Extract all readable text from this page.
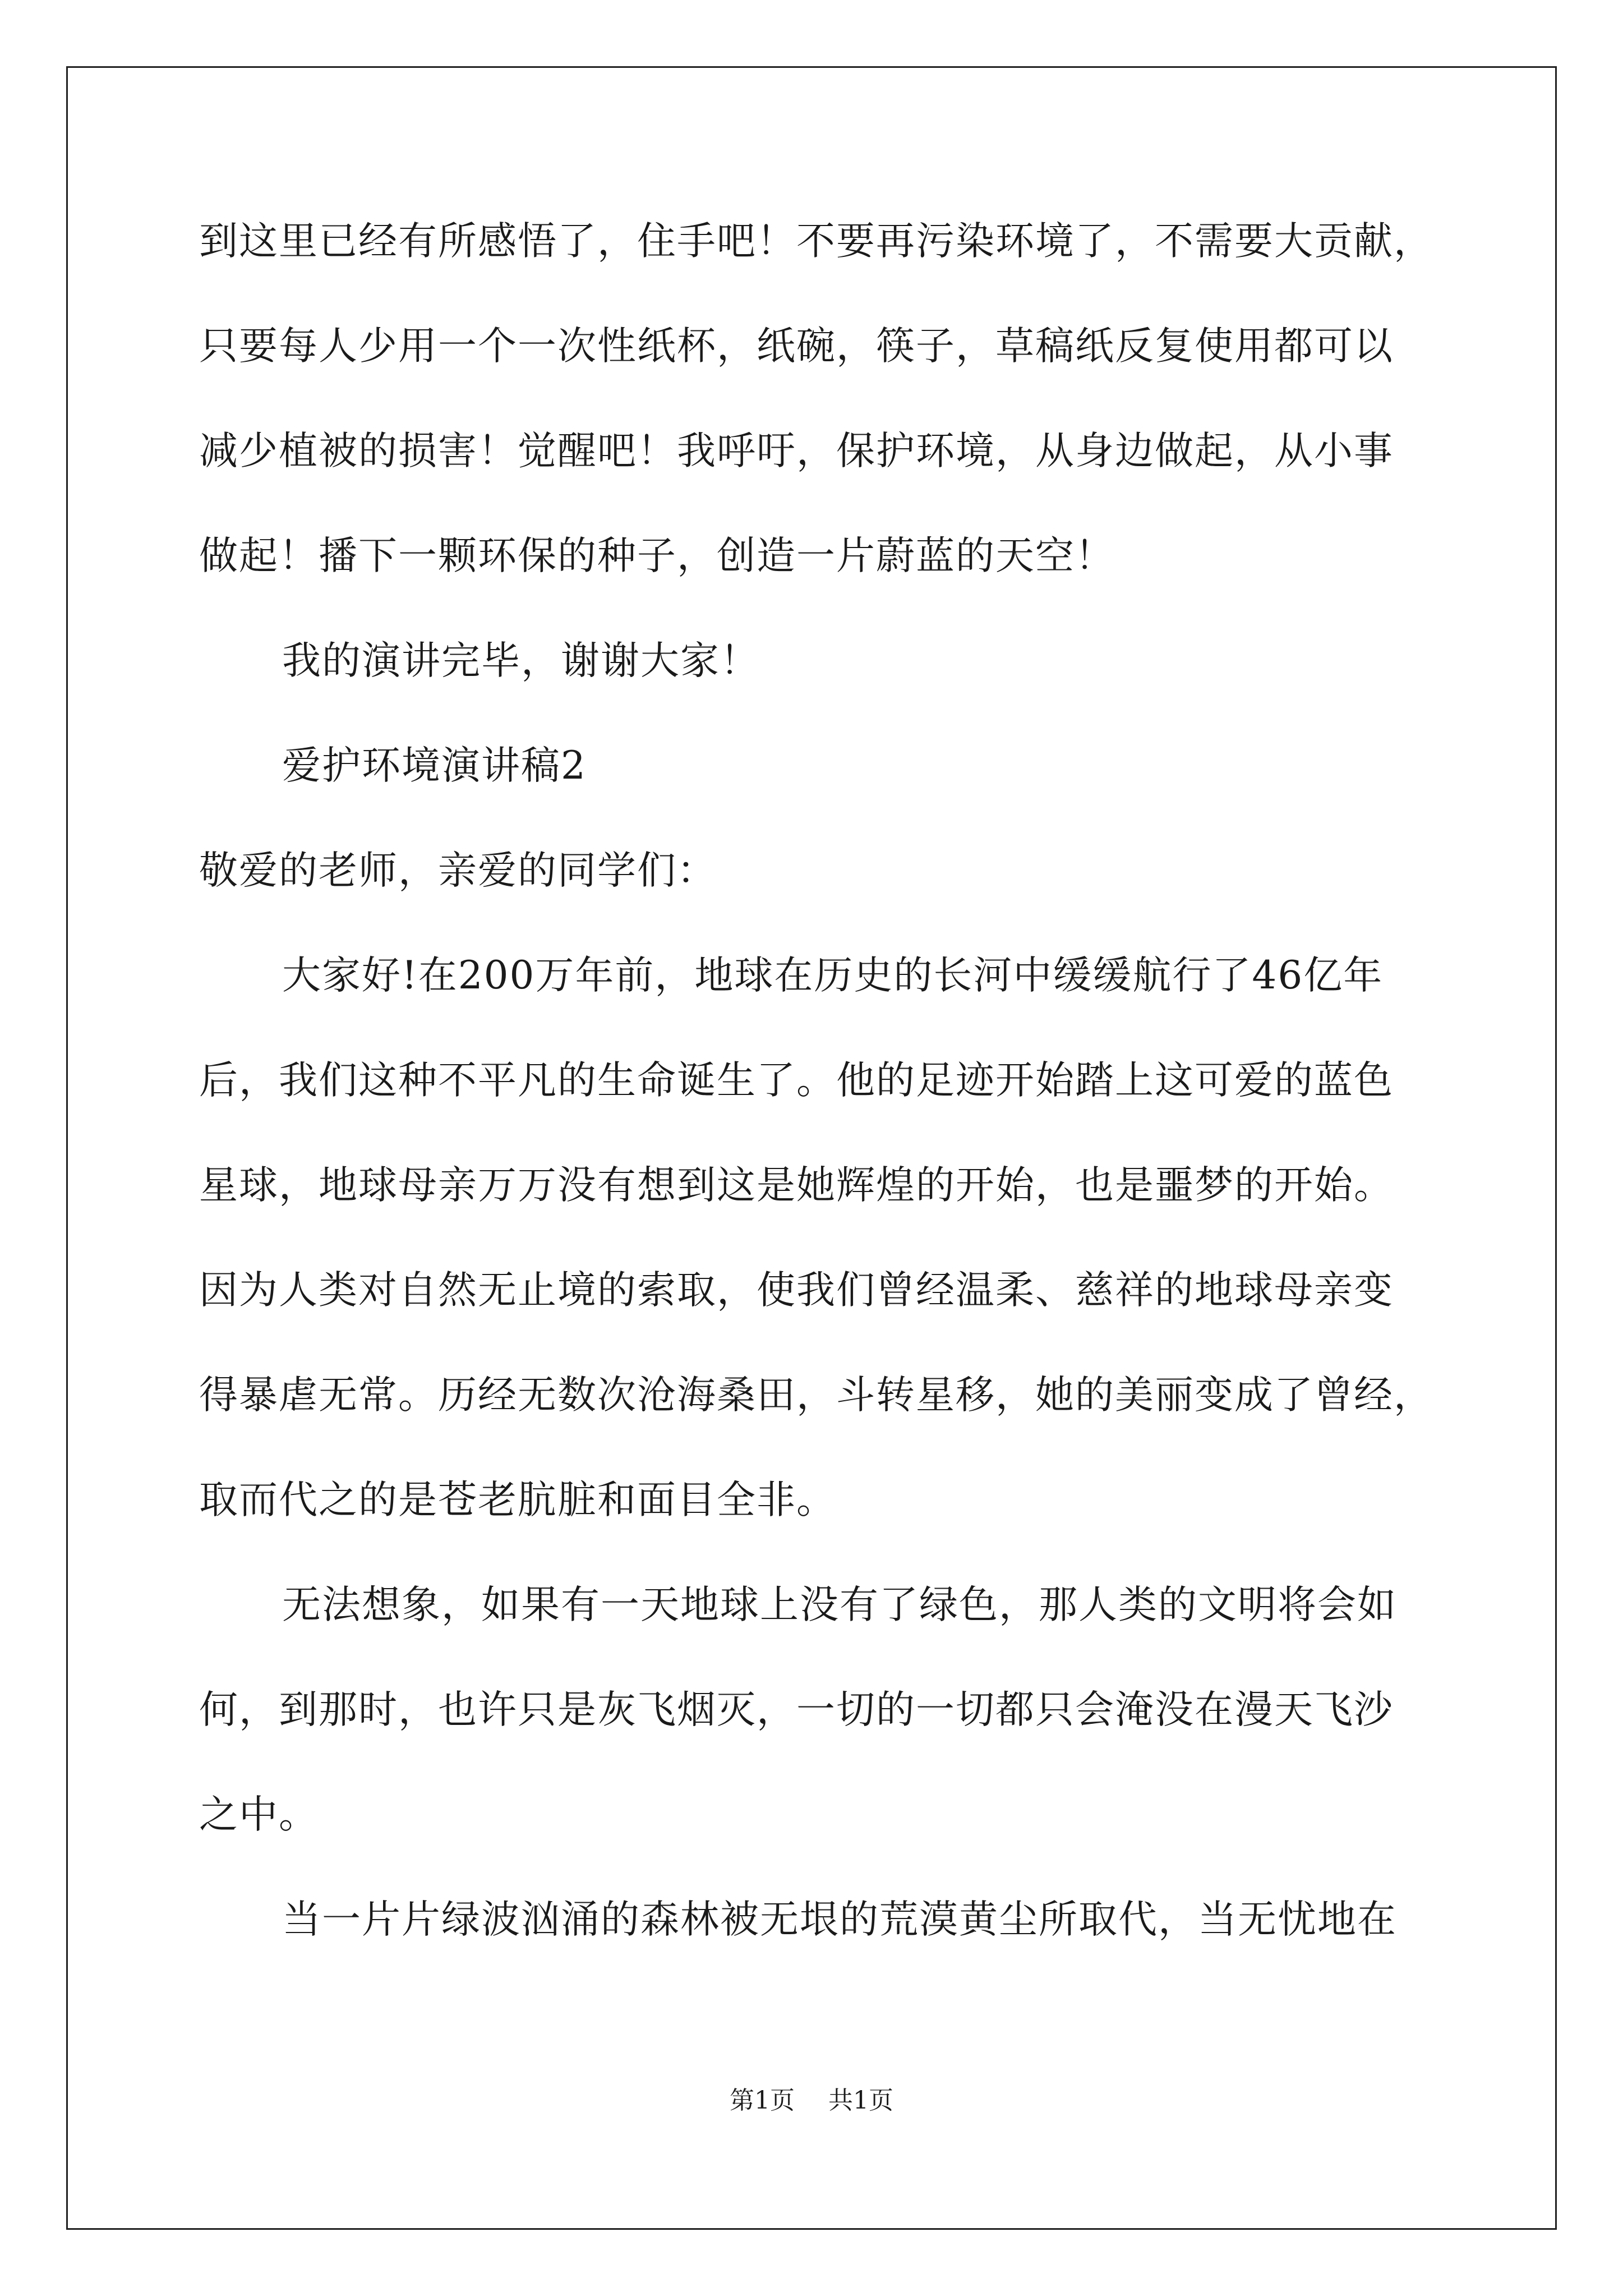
到这里已经有所感悟了，住手吧！不要再污染环境了，不需要大贡献，
只要每人少用一个一次性纸杯，纸碗，筷子，草稿纸反复使用都可以
减少植被的损害！觉醒吧！我呼吁，保护环境，从身边做起，从小事
做起！播下一颗环保的种子，创造一片蔚蓝的天空！
我的演讲完毕，谢谢大家！
爱护环境演讲稿2
敬爱的老师，亲爱的同学们：
大家好!在200万年前，地球在历史的长河中缓缓航行了46亿年
后，我们这种不平凡的生命诞生了。他的足迹开始踏上这可爱的蓝色
星球，地球母亲万万没有想到这是她辉煌的开始，也是噩梦的开始。
因为人类对自然无止境的索取，使我们曾经温柔、慈祥的地球母亲变
得暴虐无常。历经无数次沧海桑田，斗转星移，她的美丽变成了曾经，
取而代之的是苍老肮脏和面目全非。
无法想象，如果有一天地球上没有了绿色，那人类的文明将会如
何，到那时，也许只是灰飞烟灭，一切的一切都只会淹没在漫天飞沙
之中。
当一片片绿波汹涌的森林被无垠的荒漠黄尘所取代，当无忧地在
第1页 共1页
